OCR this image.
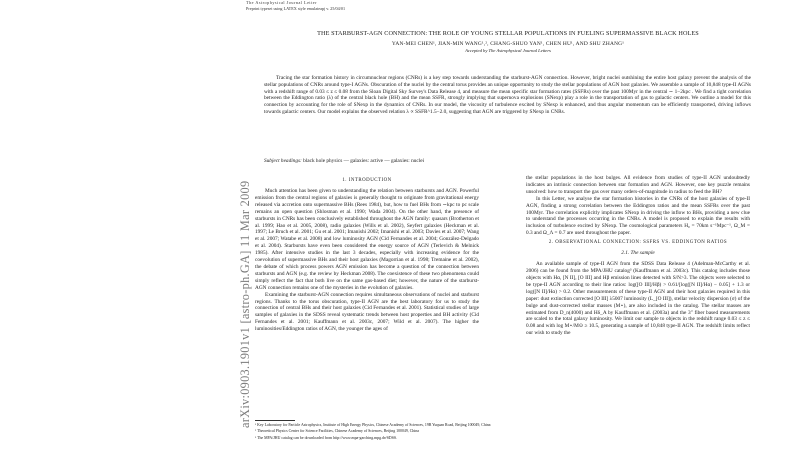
The Astrophysical Journal Letter
Preprint typeset using LATEX style emulateapj v. 25/04/01
arXiv:0903.1901v1 [astro-ph.GA] 11 Mar 2009
THE STARBURST-AGN CONNECTION: THE ROLE OF YOUNG STELLAR POPULATIONS IN FUELING SUPERMASSIVE BLACK HOLES
YAN-MEI CHEN¹, JIAN-MIN WANG¹,², CHANG-SHUO YAN¹, CHEN HU¹, AND SHU ZHANG¹
Accepted by The Astrophysical Journal Letters

Tracing the star formation history in circumnuclear regions (CNRs) is a key step towards understanding the starburst-AGN connection. However, bright nuclei outshining the entire host galaxy prevent the analysis of the stellar populations of CNRs around type-I AGNs. Obscuration of the nuclei by the central torus provides an unique opportunity to study the stellar populations of AGN host galaxies. We assemble a sample of 10,848 type-II AGNs with a redshift range of 0.03 ≤ z ≤ 0.08 from the Sloan Digital Sky Survey's Data Release 4, and measure the mean specific star formation rates (SSFRs) over the past 100Myr in the central ∼ 1−2kpc . We find a tight correlation between the Eddington ratio (λ) of the central black hole (BH) and the mean SSFR, strongly implying that supernova explosions (SNexp) play a role in the transportation of gas to galactic centers. We outline a model for this connection by accounting for the role of SNexp in the dynamics of CNRs. In our model, the viscosity of turbulence excited by SNexp is enhanced, and thus angular momentum can be efficiently transported, driving inflows towards galactic centers. Our model explains the observed relation λ ∝ SSFR^1.5−2.0, suggesting that AGN are triggered by SNexp in CNRs.

Subject headings: black hole physics — galaxies: active — galaxies: nuclei
1. INTRODUCTION

Much attention has been given to understanding the relation between starbursts and AGN. Powerful emission from the central regions of galaxies is generally thought to originate from gravitational energy released via accretion onto supermassive BHs (Rees 1984), but, how to fuel BHs from ∼kpc to pc scale remains an open question (Shlosman et al. 1990; Wada 2004). On the other hand, the presence of starbursts in CNRs has been conclusively established throughout the AGN family: quasars (Brotherton et al. 1999; Hao et al. 2005, 2008), radio galaxies (Wills et al. 2002), Seyfert galaxies (Heckman et al. 1997; Le Bruch et al. 2001; Gu et al. 2001; Imanishi 2002; Imanishi et al. 2003; Davies et al. 2007; Wang et al. 2007; Watabe et al. 2008) and low luminosity AGN (Cid Fernandes et al. 2004; González-Delgado et al. 2004). Starbursts have even been considered the energy source of AGN (Terlevich & Melnick 1985). After intensive studies in the last 3 decades, especially with increasing evidence for the coevolution of supermassive BHs and their host galaxies (Magorrian et al. 1998; Tremaine et al. 2002), the debate of which process powers AGN emission has become a question of the connection between starbursts and AGN (e.g. the review by Heckman 2008). The coexistence of these two phenomena could simply reflect the fact that both live on the same gas-based diet; however, the nature of the starburst-AGN connection remains one of the mysteries in the evolution of galaxies.

Examining the starburst-AGN connection requires simultaneous observations of nuclei and starburst regions. Thanks to the torus obscuration, type-II AGN are the best laboratory for us to study the connection of central BHs and their host galaxies (Cid Fernandes et al. 2001). Statistical studies of large samples of galaxies in the SDSS reveal systematic trends between host properties and BH activity (Cid Fernandes et al. 2001; Kauffmann et al. 2003c, 2007; Wild et al. 2007). The higher the luminosities/Eddington ratios of AGN, the younger the ages of

the stellar populations in the host bulges. All evidence from studies of type-II AGN undoubtedly indicates an intrinsic connection between star formation and AGN. However, one key puzzle remains unsolved: how to transport the gas over many orders-of-magnitude in radius to feed the BH?

In this Letter, we analyse the star formation histories in the CNRs of the host galaxies of type-II AGN, finding a strong correlation between the Eddington ratios and the mean SSFRs over the past 100Myr. The correlation explicitly implicates SNexp in driving the inflow to BHs, providing a new clue to understand the processes occurring in the CNRs. A model is proposed to explain the results with inclusion of turbulence excited by SNexp. The cosmological parameters H₀ = 70km s⁻¹Mpc⁻¹, Ω_M = 0.3 and Ω_Λ = 0.7 are used throughout the paper.

2. OBSERVATIONAL CONNECTION: SSFRS VS. EDDINGTON RATIOS
2.1. The sample

An available sample of type-II AGN from the SDSS Data Release 4 (Adelman-McCarthy et al. 2006) can be found from the MPA/JHU catalog³ (Kauffmann et al. 2003c). This catalog includes those objects with Hα, [N II], [O III] and Hβ emission lines detected with S/N>3. The objects were selected to be type-II AGN according to their line ratios: log([O III]/Hβ) > 0.61/[log([N II]/Hα) − 0.05] + 1.3 or log([N II]/Hα) > 0.2. Other measurements of these type-II AGN and their host galaxies required in this paper: dust extinction corrected [O III] λ5007 luminosity (L_[O III]), stellar velocity dispersion (σ) of the bulge and dust-corrected stellar masses (M⋆), are also included in the catalog. The stellar masses are estimated from D_n(4000) and Hδ_A by Kauffmann et al. (2003a) and the 3″ fiber based measurements are scaled to the total galaxy luminosity. We limit our sample to objects in the redshift range 0.03 ≤ z ≤ 0.08 and with log M⋆/M⊙ ≥ 10.5, generating a sample of 10,848 type-II AGN. The redshift limits reflect our wish to study the

¹ Key Laboratory for Particle Astrophysics, Institute of High Energy Physics, Chinese Academy of Sciences, 19B Yuquan Road, Beijing 100049, China
² Theoretical Physics Center for Science Facilities, Chinese Academy of Sciences, Beijing 100049, China
³ The MPA/JHU catalog can be downloaded from http://www.mpa-garching.mpg.de/SDSS.
